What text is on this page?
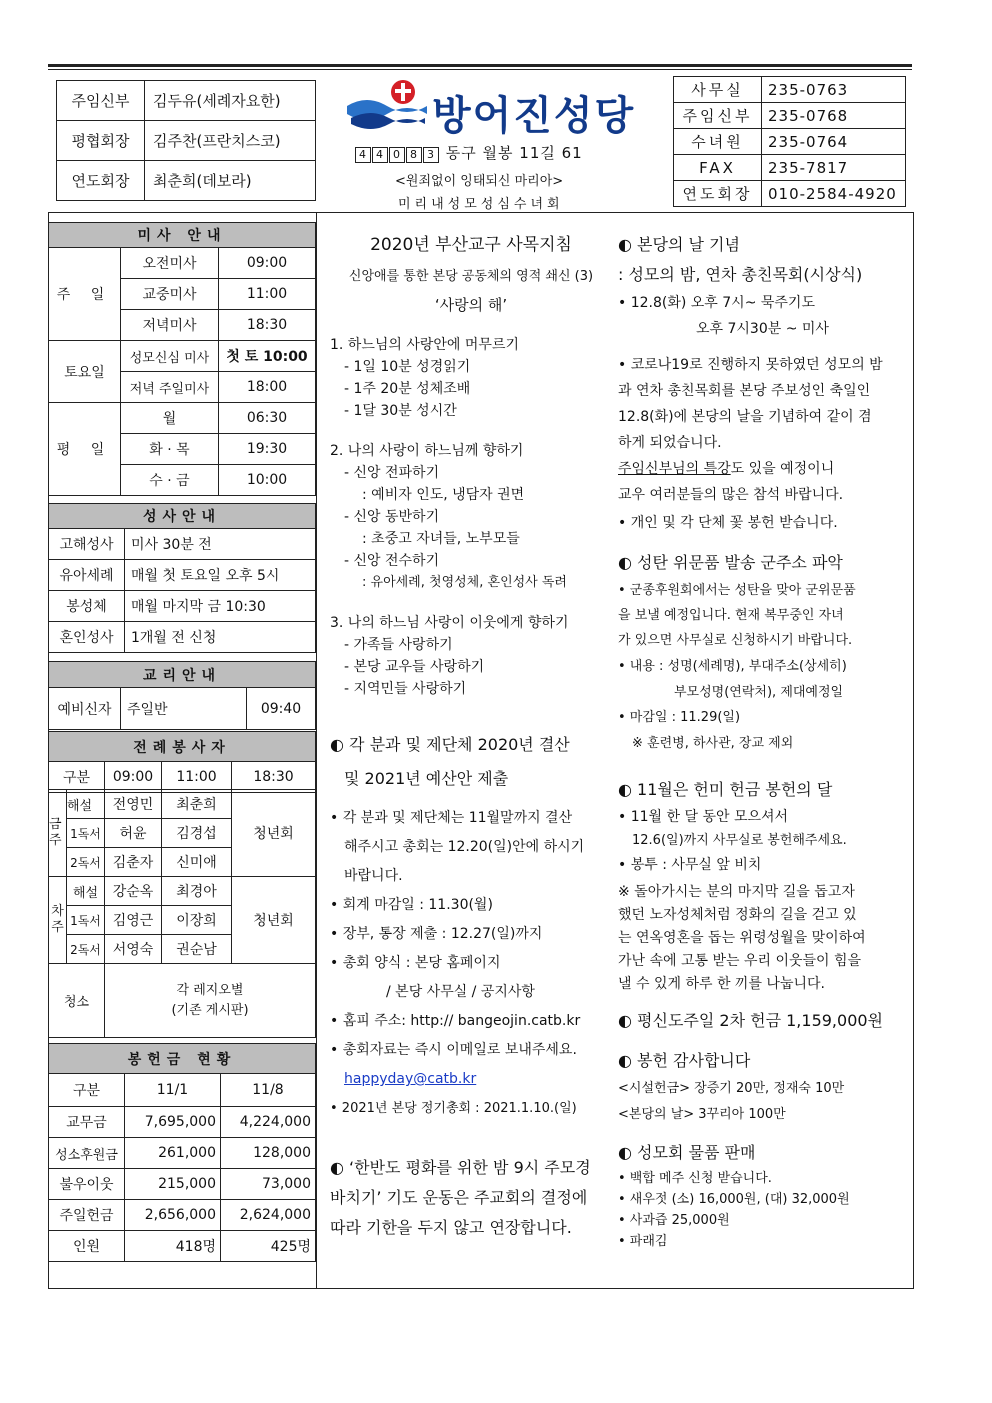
주임신부	김두유(세례자요한)
평협회장	김주찬(프란치스코)
연도회장	최춘희(데보라)
방어진성당
4 4 0 8 3 동구 월봉 11길 61
<원죄없이 잉태되신 마리아>
미리내성모성심수녀회
사무실	235-0763
주임신부	235-0768
수녀원	235-0764
FAX	235-7817
연도회장	010-2584-4920
미사 안내		
주 일	오전미사	09:00
	교중미사	11:00
	저녁미사	18:30
토요일	성모신심 미사	첫 토 10:00
	저녁 주일미사	18:00
평 일	월	06:30
	화 · 목	19:30
	수 · 금	10:00
성사안내	
고해성사	미사 30분 전
유아세례	매월 첫 토요일 오후 5시
봉성체	매월 마지막 금 10:30
혼인성사	1개월 전 신청
교리안내
예비신자	주일반	09:40
전례봉사자
구분	09:00	11:00	18:30
금주	해설	전영민	최춘희	청년회
	1독서	허윤	김경섭	
	2독서	김춘자	신미애	
차주	해설	강순옥	최경아	청년회
	1독서	김영근	이장희	
	2독서	서영숙	권순남	
청소		각 레지오별
(기존 게시판)		
봉헌금 현황		
구분	11/1	11/8
교무금	7,695,000	4,224,000
성소후원금	261,000	128,000
불우이웃	215,000	73,000
주일헌금	2,656,000	2,624,000
인원	418명	425명

2020년 부산교구 사목지침

신앙애를 통한 본당 공동체의 영적 쇄신 (3)

‘사랑의 해’

1. 하느님의 사랑안에 머무르기

- 1일 10분 성경읽기

- 1주 20분 성체조배

- 1달 30분 성시간

2. 나의 사랑이 하느님께 향하기

- 신앙 전파하기

: 예비자 인도, 냉담자 권면

- 신앙 동반하기

: 초중고 자녀들, 노부모들

- 신앙 전수하기

: 유아세례, 첫영성체, 혼인성사 독려

3. 나의 하느님 사랑이 이웃에게 향하기

- 가족들 사랑하기

- 본당 교우들 사랑하기

- 지역민들 사랑하기

◐ 각 분과 및 제단체 2020년 결산

및 2021년 예산안 제출

• 각 분과 및 제단체는 11월말까지 결산

해주시고 총회는 12.20(일)안에 하시기

바랍니다.

• 회계 마감일 : 11.30(월)

• 장부, 통장 제출 : 12.27(일)까지

• 총회 양식 : 본당 홈페이지

/ 본당 사무실 / 공지사항

• 홈피 주소: http:// bangeojin.catb.kr

• 총회자료는 즉시 이메일로 보내주세요.

happyday@catb.kr

• 2021년 본당 정기총회 : 2021.1.10.(일)

◐ ‘한반도 평화를 위한 밤 9시 주모경

바치기’ 기도 운동은 주교회의 결정에

따라 기한을 두지 않고 연장합니다.

◐ 본당의 날 기념

: 성모의 밤, 연차 총친목회(시상식)

• 12.8(화) 오후 7시~ 묵주기도

오후 7시30분 ~ 미사

• 코로나19로 진행하지 못하였던 성모의 밤

과 연차 총친목회를 본당 주보성인 축일인

12.8(화)에 본당의 날을 기념하여 같이 겸

하게 되었습니다.

주임신부님의 특강도 있을 예정이니

교우 여러분들의 많은 참석 바랍니다.

• 개인 및 각 단체 꽃 봉헌 받습니다.

◐ 성탄 위문품 발송 군주소 파악

• 군종후원회에서는 성탄을 맞아 군위문품

을 보낼 예정입니다. 현재 복무중인 자녀

가 있으면 사무실로 신청하시기 바랍니다.

• 내용 : 성명(세례명), 부대주소(상세히)

부모성명(연락처), 제대예정일

• 마감일 : 11.29(일)

※ 훈련병, 하사관, 장교 제외

◐ 11월은 헌미 헌금 봉헌의 달

• 11월 한 달 동안 모으셔서

12.6(일)까지 사무실로 봉헌해주세요.

• 봉투 : 사무실 앞 비치

※ 돌아가시는 분의 마지막 길을 돕고자

했던 노자성체처럼 정화의 길을 걷고 있

는 연옥영혼을 돕는 위령성월을 맞이하여

가난 속에 고통 받는 우리 이웃들이 힘을

낼 수 있게 하루 한 끼를 나눕니다.

◐ 평신도주일 2차 헌금 1,159,000원

◐ 봉헌 감사합니다

<시설헌금> 장증기 20만, 정재숙 10만

<본당의 날> 3꾸리아 100만

◐ 성모회 물품 판매

• 백합 메주 신청 받습니다.

• 새우젓 (소) 16,000원, (대) 32,000원

• 사과즙 25,000원

• 파래김
